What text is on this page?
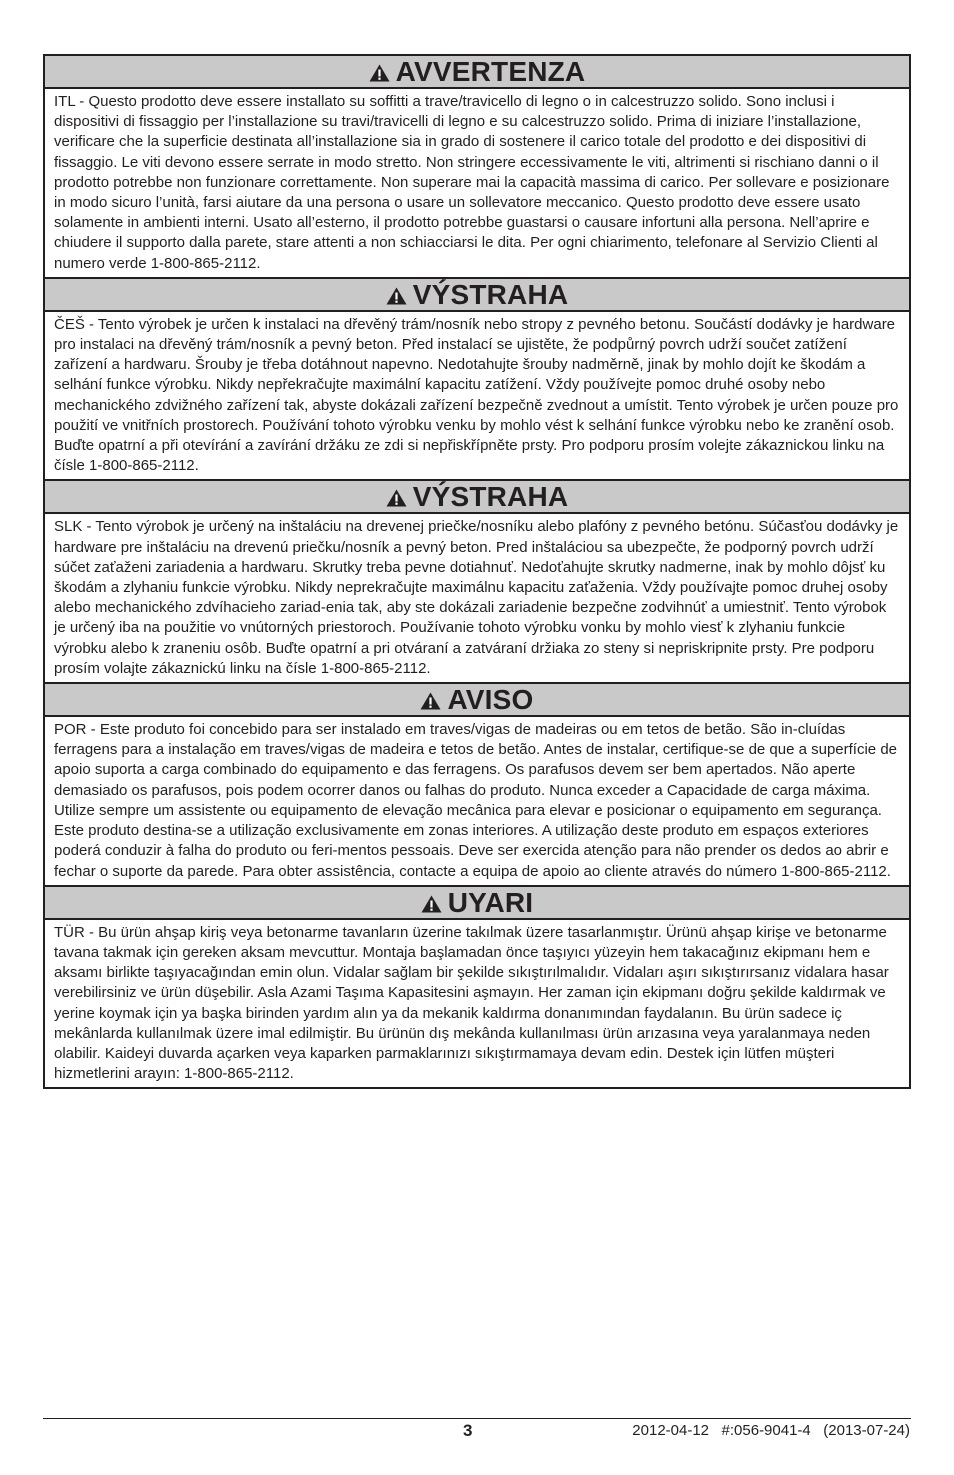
AVVERTENZA
ITL - Questo prodotto deve essere installato su soffitti a trave/travicello di legno o in calcestruzzo solido. Sono inclusi i dispositivi di fissaggio per l’installazione su travi/travicelli di legno e su calcestruzzo solido. Prima di iniziare l’installazione, verificare che la superficie destinata all’installazione sia in grado di sostenere il carico totale del prodotto e dei dispositivi di fissaggio. Le viti devono essere serrate in modo stretto. Non stringere eccessivamente le viti, altrimenti si rischiano danni o il prodotto potrebbe non funzionare correttamente. Non superare mai la capacità massima di carico. Per sollevare e posizionare in modo sicuro l’unità, farsi aiutare da una persona o usare un sollevatore meccanico. Questo prodotto deve essere usato solamente in ambienti interni. Usato all’esterno, il prodotto potrebbe guastarsi o causare infortuni alla persona. Nell’aprire e chiudere il supporto dalla parete, stare attenti a non schiacciarsi le dita. Per ogni chiarimento, telefonare al Servizio Clienti al numero verde 1-800-865-2112.
VÝSTRAHA
ČEŠ - Tento výrobek je určen k instalaci na dřevěný trám/nosník nebo stropy z pevného betonu. Součástí dodávky je hardware pro instalaci na dřevěný trám/nosník a pevný beton. Před instalací se ujistěte, že podpůrný povrch udrží součet zatížení zařízení a hardwaru. Šrouby je třeba dotáhnout napevno. Nedotahujte šrouby nadměrně, jinak by mohlo dojít ke škodám a selhání funkce výrobku. Nikdy nepřekračujte maximální kapacitu zatížení. Vždy používejte pomoc druhé osoby nebo mechanického zdvižného zařízení tak, abyste dokázali zařízení bezpečně zvednout a umístit. Tento výrobek je určen pouze pro použití ve vnitřních prostorech. Používání tohoto výrobku venku by mohlo vést k selhání funkce výrobku nebo ke zranění osob. Buďte opatrní a při otevírání a zavírání držáku ze zdi si nepřiskřípněte prsty. Pro podporu prosím volejte zákaznickou linku na čísle 1-800-865-2112.
VÝSTRAHA
SLK - Tento výrobok je určený na inštaláciu na drevenej priečke/nosníku alebo plafóny z pevného betónu. Súčasťou dodávky je hardware pre inštaláciu na drevenú priečku/nosník a pevný beton. Pred inštaláciou sa ubezpečte, že podporný povrch udrží súčet zaťaženi zariadenia a hardwaru. Skrutky treba pevne dotiahnuť. Nedoťahujte skrutky nadmerne, inak by mohlo dôjsť ku škodám a zlyhaniu funkcie výrobku. Nikdy neprekračujte maximálnu kapacitu zaťaženia. Vždy používajte pomoc druhej osoby alebo mechanického zdvíhacieho zariad-enia tak, aby ste dokázali zariadenie bezpečne zodvihnúť a umiestniť. Tento výrobok je určený iba na použitie vo vnútorných priestoroch. Používanie tohoto výrobku vonku by mohlo viesť k zlyhaniu funkcie výrobku alebo k zraneniu osôb. Buďte opatrní a pri otváraní a zatváraní držiaka zo steny si nepriskripnite prsty. Pre podporu prosím volajte zákaznickú linku na čísle 1-800-865-2112.
AVISO
POR - Este produto foi concebido para ser instalado em traves/vigas de madeiras ou em tetos de betão. São in-cluídas ferragens para a instalação em traves/vigas de madeira e tetos de betão. Antes de instalar, certifique-se de que a superfície de apoio suporta a carga combinado do equipamento e das ferragens. Os parafusos devem ser bem apertados. Não aperte demasiado os parafusos, pois podem ocorrer danos ou falhas do produto. Nunca exceder a Capacidade de carga máxima. Utilize sempre um assistente ou equipamento de elevação mecânica para elevar e posicionar o equipamento em segurança. Este produto destina-se a utilização exclusivamente em zonas interiores. A utilização deste produto em espaços exteriores poderá conduzir à falha do produto ou feri-mentos pessoais. Deve ser exercida atenção para não prender os dedos ao abrir e fechar o suporte da parede. Para obter assistência, contacte a equipa de apoio ao cliente através do número 1-800-865-2112.
UYARI
TÜR - Bu ürün ahşap kiriş veya betonarme tavanların üzerine takılmak üzere tasarlanmıştır. Ürünü ahşap kirişe ve betonarme tavana takmak için gereken aksam mevcuttur. Montaja başlamadan önce taşıyıcı yüzeyin hem takacağınız ekipmanı hem e aksamı birlikte taşıyacağından emin olun. Vidalar sağlam bir şekilde sıkıştırılmalıdır. Vidaları aşırı sıkıştırırsanız vidalara hasar verebilirsiniz ve ürün düşebilir. Asla Azami Taşıma Kapasitesini aşmayın. Her zaman için ekipmanı doğru şekilde kaldırmak ve yerine koymak için ya başka birinden yardım alın ya da mekanik kaldırma donanımından faydalanın. Bu ürün sadece iç mekânlarda kullanılmak üzere imal edilmiştir. Bu ürünün dış mekânda kullanılması ürün arızasına veya yaralanmaya neden olabilir. Kaideyi duvarda açarken veya kaparken parmaklarınızı sıkıştırmamaya devam edin. Destek için lütfen müşteri hizmetlerini arayın: 1-800-865-2112.
3	2012-04-12   #:056-9041-4   (2013-07-24)
